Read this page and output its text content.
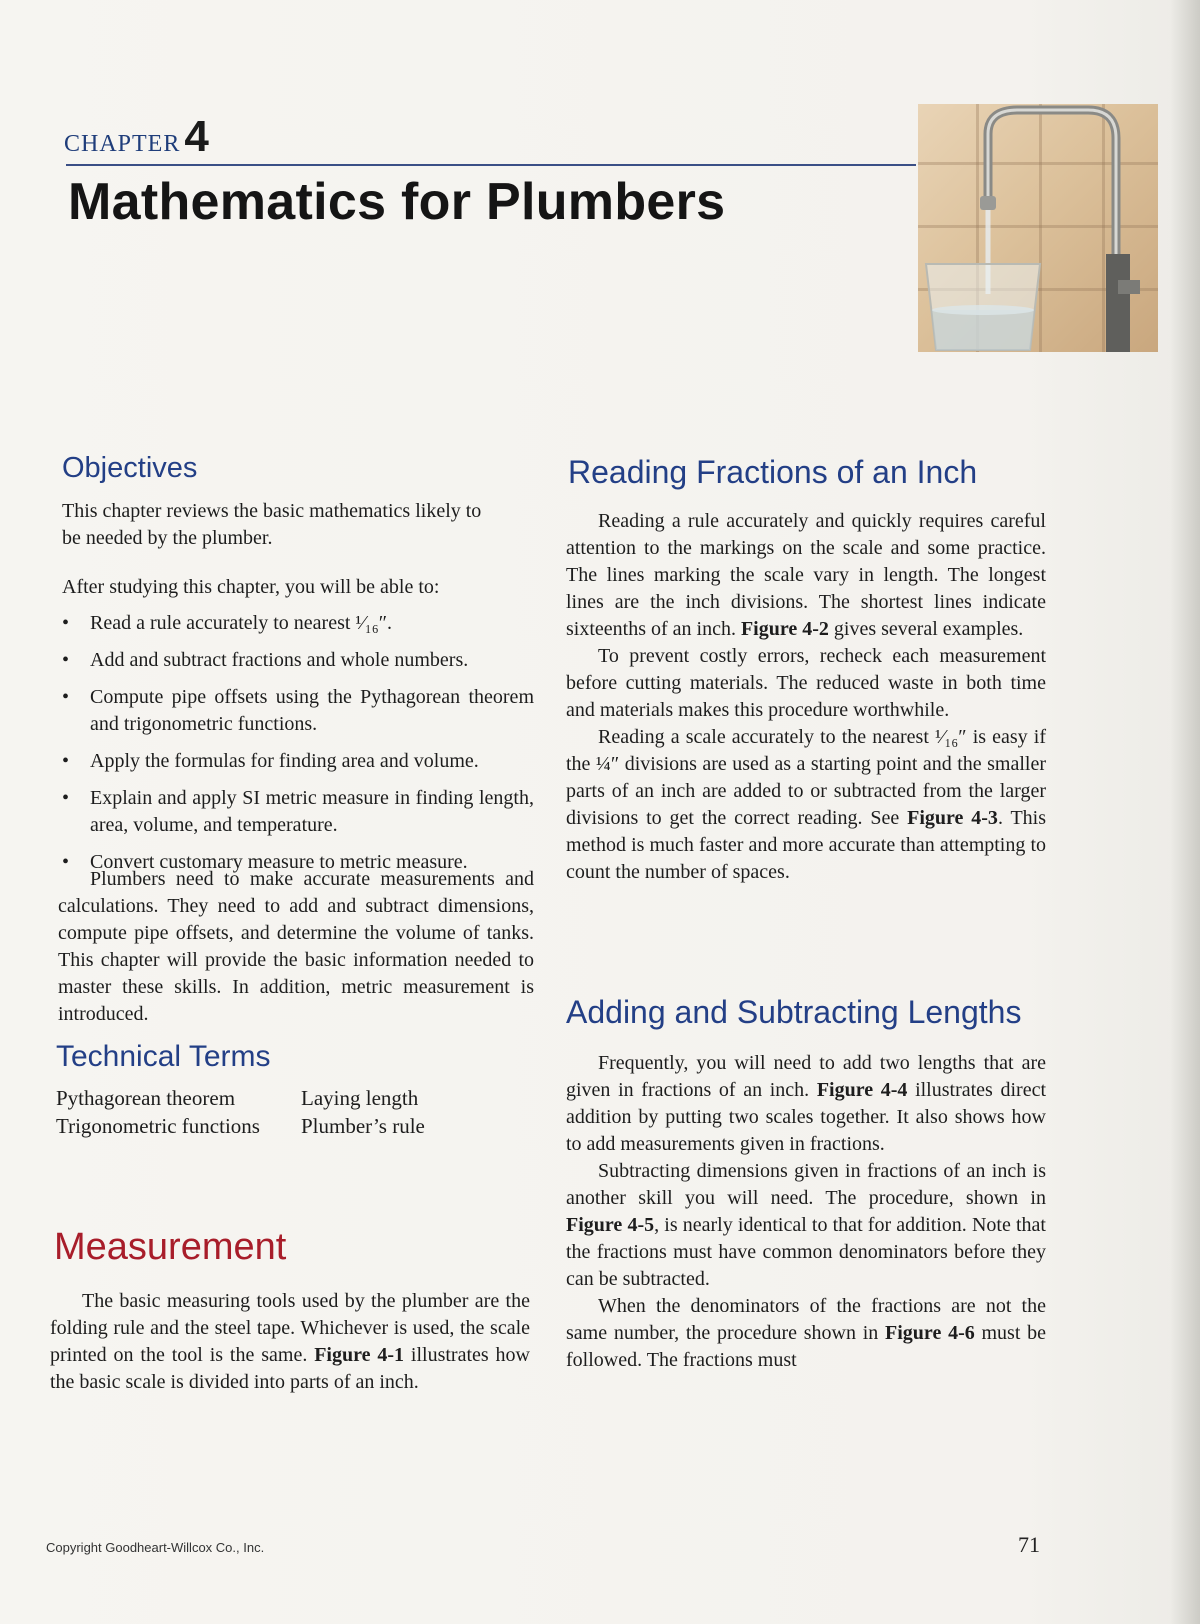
CHAPTER4
Mathematics for Plumbers
Objectives

This chapter reviews the basic mathematics likely to be needed by the plumber.

After studying this chapter, you will be able to:

• Read a rule accurately to nearest ¹⁄₁₆″.
• Add and subtract fractions and whole numbers.
• Compute pipe offsets using the Pythagorean theorem and trigonometric functions.
• Apply the formulas for finding area and volume.
• Explain and apply SI metric measure in finding length, area, volume, and temperature.
• Convert customary measure to metric measure.

Plumbers need to make accurate measurements and calculations. They need to add and subtract dimensions, compute pipe offsets, and determine the volume of tanks. This chapter will provide the basic information needed to master these skills. In addition, metric measurement is introduced.

Technical Terms
Pythagorean theorem	Laying length
Trigonometric functions	Plumber’s rule
Measurement

The basic measuring tools used by the plumber are the folding rule and the steel tape. Whichever is used, the scale printed on the tool is the same. Figure 4-1 illustrates how the basic scale is divided into parts of an inch.

Reading Fractions of an Inch

Reading a rule accurately and quickly requires careful attention to the markings on the scale and some practice. The lines marking the scale vary in length. The longest lines are the inch divisions. The shortest lines indicate sixteenths of an inch. Figure 4-2 gives several examples.

To prevent costly errors, recheck each measurement before cutting materials. The reduced waste in both time and materials makes this procedure worthwhile.

Reading a scale accurately to the nearest ¹⁄₁₆″ is easy if the ¼″ divisions are used as a starting point and the smaller parts of an inch are added to or subtracted from the larger divisions to get the correct reading. See Figure 4-3. This method is much faster and more accurate than attempting to count the number of spaces.

Adding and Subtracting Lengths

Frequently, you will need to add two lengths that are given in fractions of an inch. Figure 4-4 illustrates direct addition by putting two scales together. It also shows how to add measurements given in fractions.

Subtracting dimensions given in fractions of an inch is another skill you will need. The procedure, shown in Figure 4-5, is nearly identical to that for addition. Note that the fractions must have common denominators before they can be subtracted.

When the denominators of the fractions are not the same number, the procedure shown in Figure 4-6 must be followed. The fractions must

Copyright Goodheart-Willcox Co., Inc.	71
